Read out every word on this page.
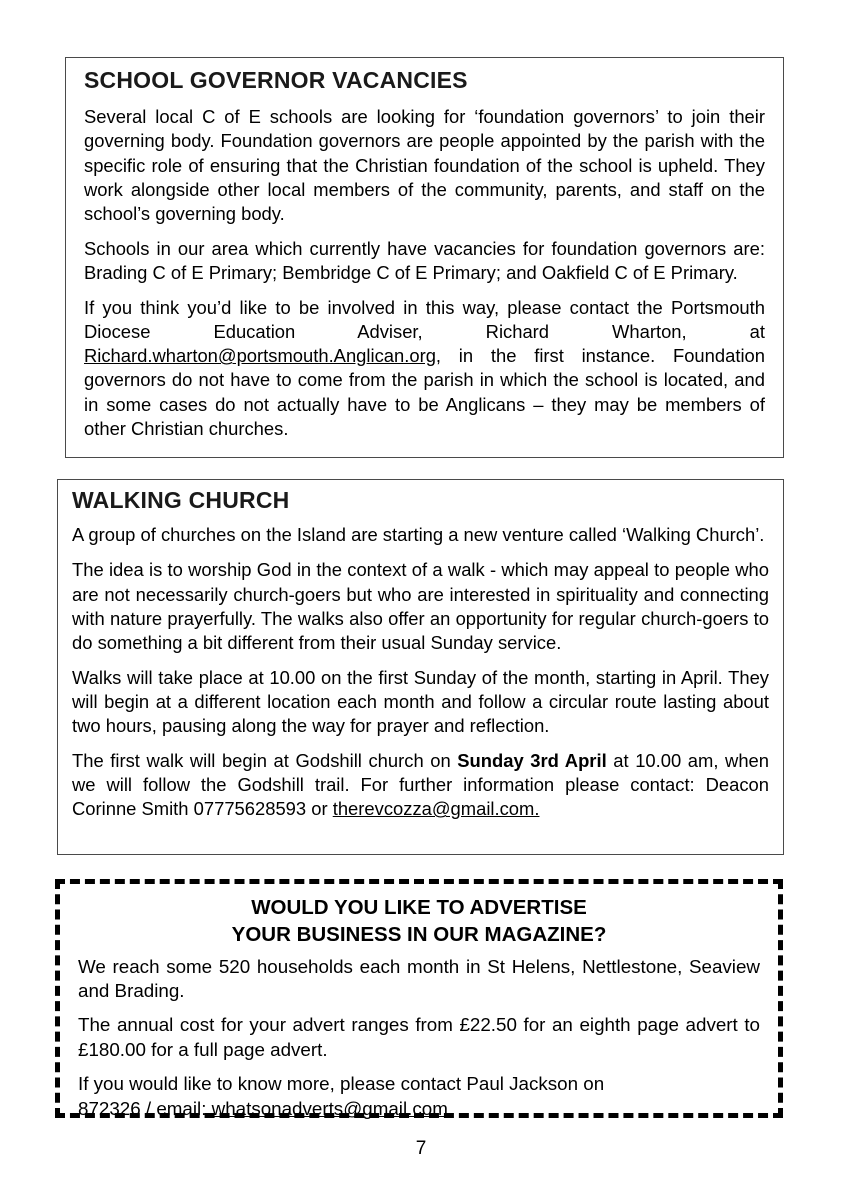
SCHOOL GOVERNOR VACANCIES

Several local C of E schools are looking for ‘foundation governors’ to join their governing body. Foundation governors are people appointed by the parish with the specific role of ensuring that the Christian foundation of the school is upheld. They work alongside other local members of the community, parents, and staff on the school’s governing body.

Schools in our area which currently have vacancies for foundation governors are: Brading C of E Primary; Bembridge C of E Primary; and Oakfield C of E Primary.

If you think you’d like to be involved in this way, please contact the Portsmouth Diocese Education Adviser, Richard Wharton, at Richard.wharton@portsmouth.Anglican.org, in the first instance. Foundation governors do not have to come from the parish in which the school is located, and in some cases do not actually have to be Anglicans – they may be members of other Christian churches.

WALKING CHURCH

A group of churches on the Island are starting a new venture called ‘Walking Church’.

The idea is to worship God in the context of a walk - which may appeal to people who are not necessarily church-goers but who are interested in spirituality and connecting with nature prayerfully. The walks also offer an opportunity for regular church-goers to do something a bit different from their usual Sunday service.

Walks will take place at 10.00 on the first Sunday of the month, starting in April. They will begin at a different location each month and follow a circular route lasting about two hours, pausing along the way for prayer and reflection.

The first walk will begin at Godshill church on Sunday 3rd April at 10.00 am, when we will follow the Godshill trail. For further information please contact: Deacon Corinne Smith 07775628593 or therevcozza@gmail.com.

WOULD YOU LIKE TO ADVERTISE
YOUR BUSINESS IN OUR MAGAZINE?

We reach some 520 households each month in St Helens, Nettlestone, Seaview and Brading.

The annual cost for your advert ranges from £22.50 for an eighth page advert to £180.00 for a full page advert.

If you would like to know more, please contact Paul Jackson on
872326 / email: whatsonadverts@gmail.com

7
